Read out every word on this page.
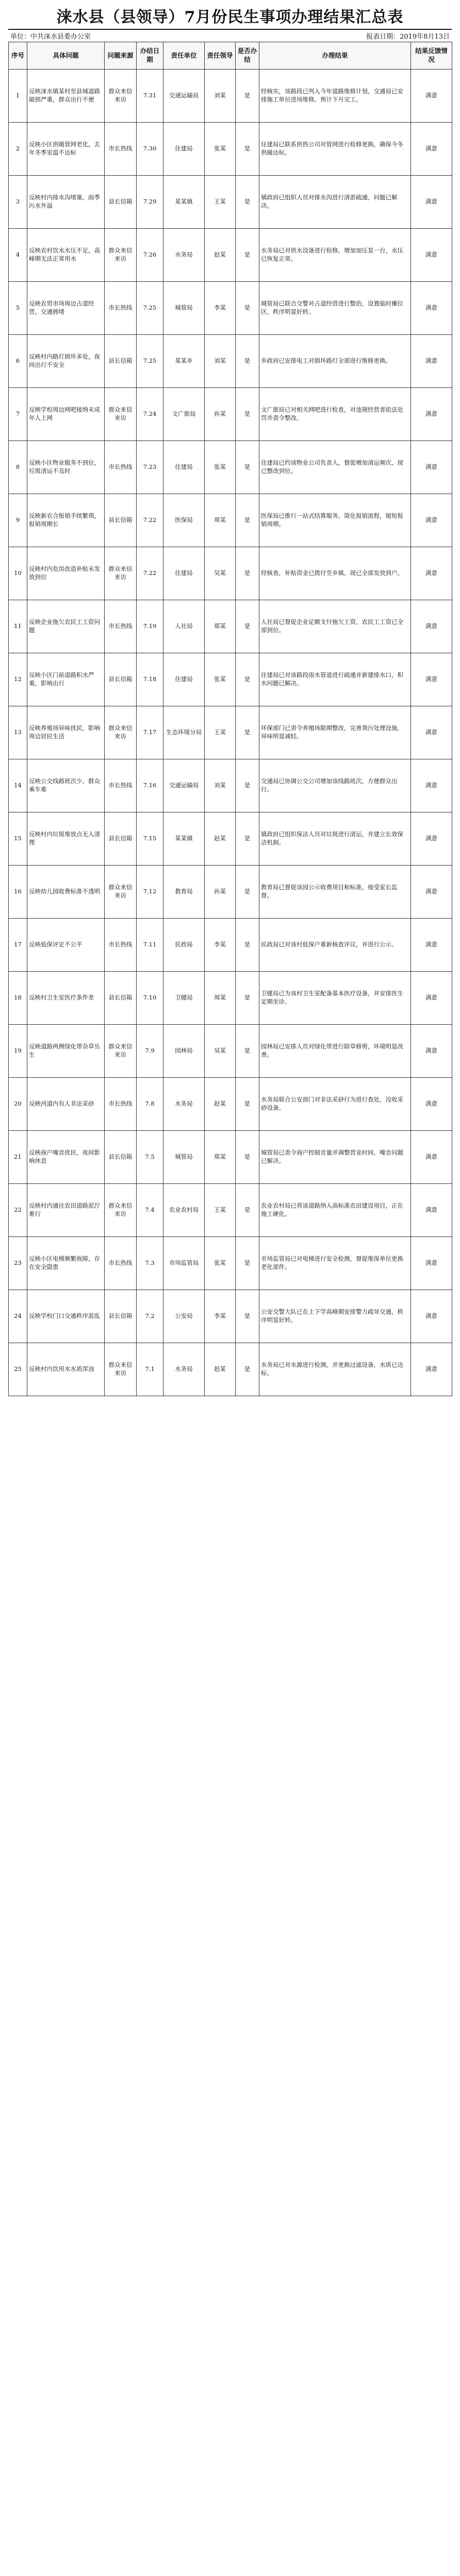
涞水县（县领导）7月份民生事项办理结果汇总表
单位：中共涞水县委办公室	报表日期：2019年8月13日
序号	具体问题	问题来源	办结日期	责任单位	责任领导	是否办结	办理结果	结果反馈情况
1	反映涞水镇某村至县城道路破损严重，群众出行不便	群众来信来访	7.31	交通运输局	刘某	是	经核实，该路段已列入今年道路维修计划，交通局已安排施工单位进场维修，预计下月完工。	满意
2	反映小区供暖管网老化，去年冬季室温不达标	市长热线	7.30	住建局	张某	是	住建局已联系供热公司对管网进行检修更换，确保今冬供暖达标。	满意
3	反映村内排水沟堵塞，雨季污水外溢	县长信箱	7.29	某某镇	王某	是	镇政府已组织人员对排水沟进行清淤疏通，问题已解决。	满意
4	反映农村饮水水压不足，高峰期无法正常用水	群众来信来访	7.26	水务局	赵某	是	水务局已对供水设备进行检修，增加加压泵一台，水压已恢复正常。	满意
5	反映农贸市场周边占道经营，交通拥堵	市长热线	7.25	城管局	李某	是	城管局已联合交警对占道经营进行整治，设置临时摊位区，秩序明显好转。	满意
6	反映村内路灯损坏多处，夜间出行不安全	县长信箱	7.25	某某乡	刘某	是	乡政府已安排电工对损坏路灯全部进行维修更换。	满意
7	反映学校周边网吧接纳未成年人上网	群众来信来访	7.24	文广旅局	孙某	是	文广旅局已对相关网吧进行检查，对违规经营者依法处罚并责令整改。	满意
8	反映小区物业服务不到位，垃圾清运不及时	市长热线	7.23	住建局	张某	是	住建局已约谈物业公司负责人，督促增加清运频次，现已整改到位。	满意
9	反映新农合报销手续繁琐，报销周期长	县长信箱	7.22	医保局	周某	是	医保局已推行一站式结算服务，简化报销流程，缩短报销周期。	满意
10	反映村内危房改造补贴未发放到位	群众来信来访	7.22	住建局	吴某	是	经核查，补贴资金已拨付至乡镇，现已全部发放到户。	满意
11	反映企业拖欠农民工工资问题	市长热线	7.19	人社局	郑某	是	人社局已督促企业足额支付拖欠工资，农民工工资已全部到位。	满意
12	反映小区门前道路积水严重，影响出行	县长信箱	7.18	住建局	张某	是	住建局已对该路段雨水管道进行疏通并新建排水口，积水问题已解决。	满意
13	反映养殖场异味扰民，影响周边居民生活	群众来信来访	7.17	生态环境分局	王某	是	环保部门已责令养殖场限期整改，完善粪污处理设施，异味明显减轻。	满意
14	反映公交线路班次少，群众乘车难	市长热线	7.16	交通运输局	刘某	是	交通局已协调公交公司增加该线路班次，方便群众出行。	满意
15	反映村内垃圾堆放点无人清理	县长信箱	7.15	某某镇	赵某	是	镇政府已组织保洁人员对垃圾进行清运，并建立长效保洁机制。	满意
16	反映幼儿园收费标准不透明	群众来信来访	7.12	教育局	孙某	是	教育局已督促该园公示收费项目和标准，接受家长监督。	满意
17	反映低保评定不公平	市长热线	7.11	民政局	李某	是	民政局已对该村低保户重新核查评议，并进行公示。	满意
18	反映村卫生室医疗条件差	县长信箱	7.10	卫健局	周某	是	卫健局已为该村卫生室配备基本医疗设备，并安排医生定期坐诊。	满意
19	反映道路两侧绿化带杂草丛生	群众来信来访	7.9	园林局	吴某	是	园林局已安排人员对绿化带进行除草修剪，环境明显改善。	满意
20	反映河道内有人非法采砂	市长热线	7.8	水务局	赵某	是	水务局联合公安部门对非法采砂行为进行查处，没收采砂设备。	满意
21	反映商户噪音扰民，夜间影响休息	县长信箱	7.5	城管局	郑某	是	城管局已责令商户控制音量并调整营业时间，噪音问题已解决。	满意
22	反映村内通往农田道路泥泞难行	群众来信来访	7.4	农业农村局	王某	是	农业农村局已将该道路纳入高标准农田建设项目，正在施工硬化。	满意
23	反映小区电梯频繁故障，存在安全隐患	市长热线	7.3	市场监管局	张某	是	市场监管局已对电梯进行安全检测，督促维保单位更换老化部件。	满意
24	反映学校门口交通秩序混乱	县长信箱	7.2	公安局	李某	是	公安交警大队已在上下学高峰期安排警力疏导交通，秩序明显好转。	满意
25	反映村内饮用水水质浑浊	群众来信来访	7.1	水务局	赵某	是	水务局已对水源进行检测，并更换过滤设备，水质已达标。	满意
